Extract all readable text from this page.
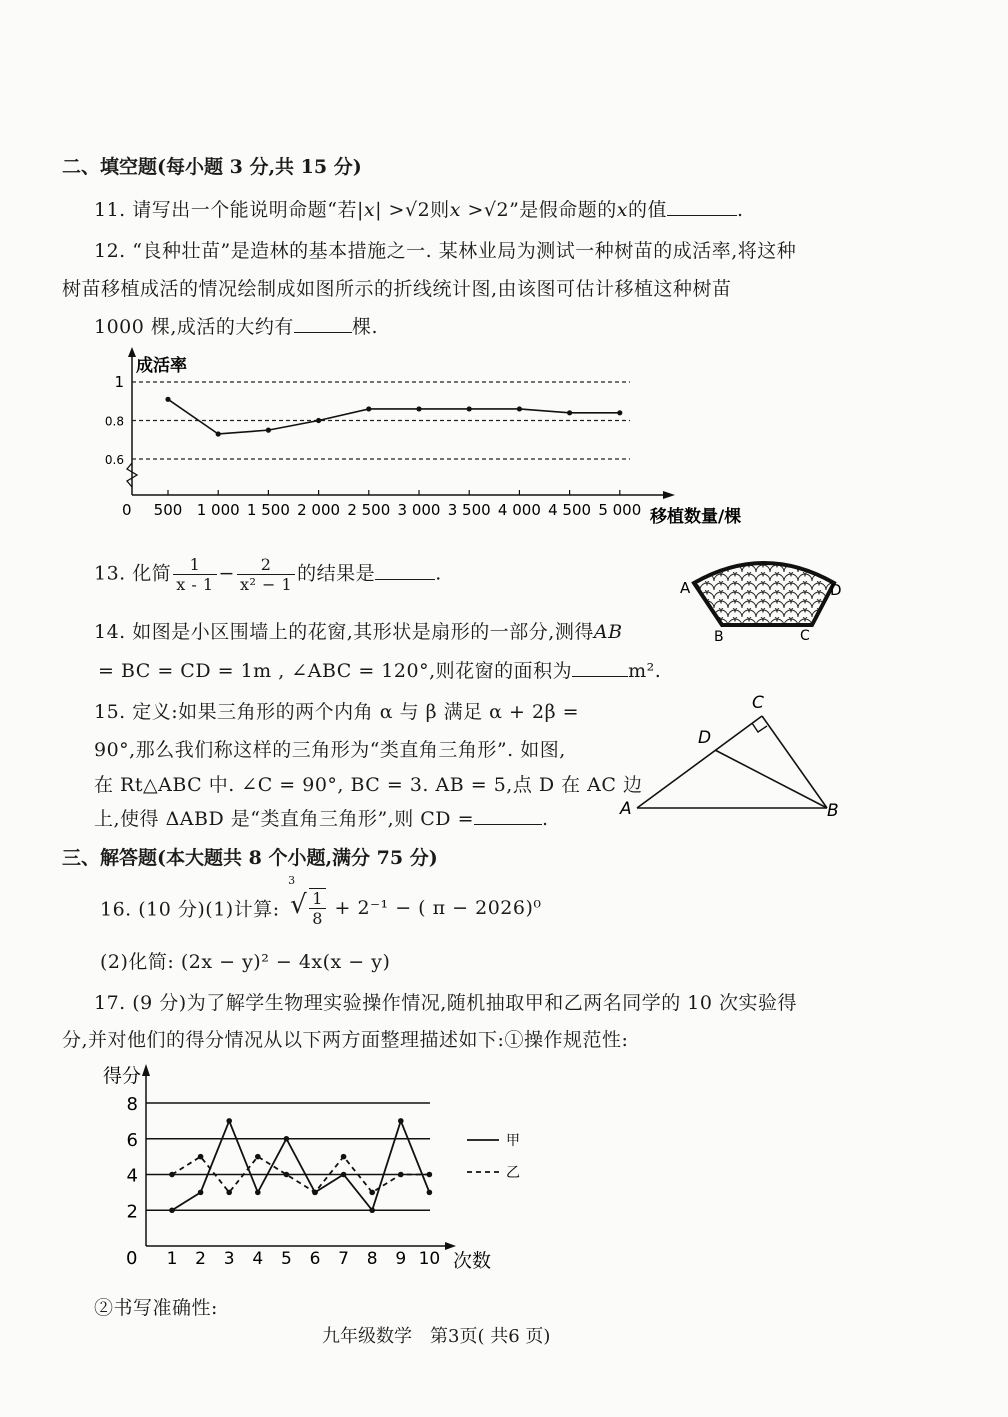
二、填空题(每小题 3 分,共 15 分)
11. 请写出一个能说明命题“若|x| >√2则x >√2”是假命题的x的值	.
12. “良种壮苗”是造林的基本措施之一. 某林业局为测试一种树苗的成活率,将这种
树苗移植成活的情况绘制成如图所示的折线统计图,由该图可估计移植这种树苗
1000 棵,成活的大约有	棵.
1
0.8
0.6
成活率
0 500 1 000 1 500 2 000 2 500 3 000 3 500 4 000 4 500 5 000 移植数量/棵
13. 化简 $\frac{1}{x - 1} - \frac{2}{\text{x² − 1}}$ 的结果是	.
A	D
B	C
14. 如图是小区围墙上的花窗,其形状是扇形的一部分,测得AB
= BC = CD = 1m , ∠ABC = 120°,则花窗的面积为	m².
15. 定义:如果三角形的两个内角 α 与 β 满足 α + 2β =
90°,那么我们称这样的三角形为“类直角三角形”. 如图,
在 Rt△ABC 中. ∠C = 90°, BC = 3. AB = 5,点 D 在 AC 边
上,使得 ΔABD 是“类直角三角形”,则 CD =	.	A	B
C
D
三、解答题(本大题共 8 个小题,满分 75 分)
16. (10 分)(1)计算:
3
√ $\frac{1}{8} + 2^{-1}$ − ( π − 2026)⁰
(2)化简: (2x − y)² − 4x(x − y)
17. (9 分)为了解学生物理实验操作情况,随机抽取甲和乙两名同学的 10 次实验得
分,并对他们的得分情况从以下两方面整理描述如下:①操作规范性:
8
6
4
2
得分
0 1 2 3 4 5 6 7 8 9 10 次数
甲
乙
②书写准确性:
九年级数学　第3页( 共6 页)
